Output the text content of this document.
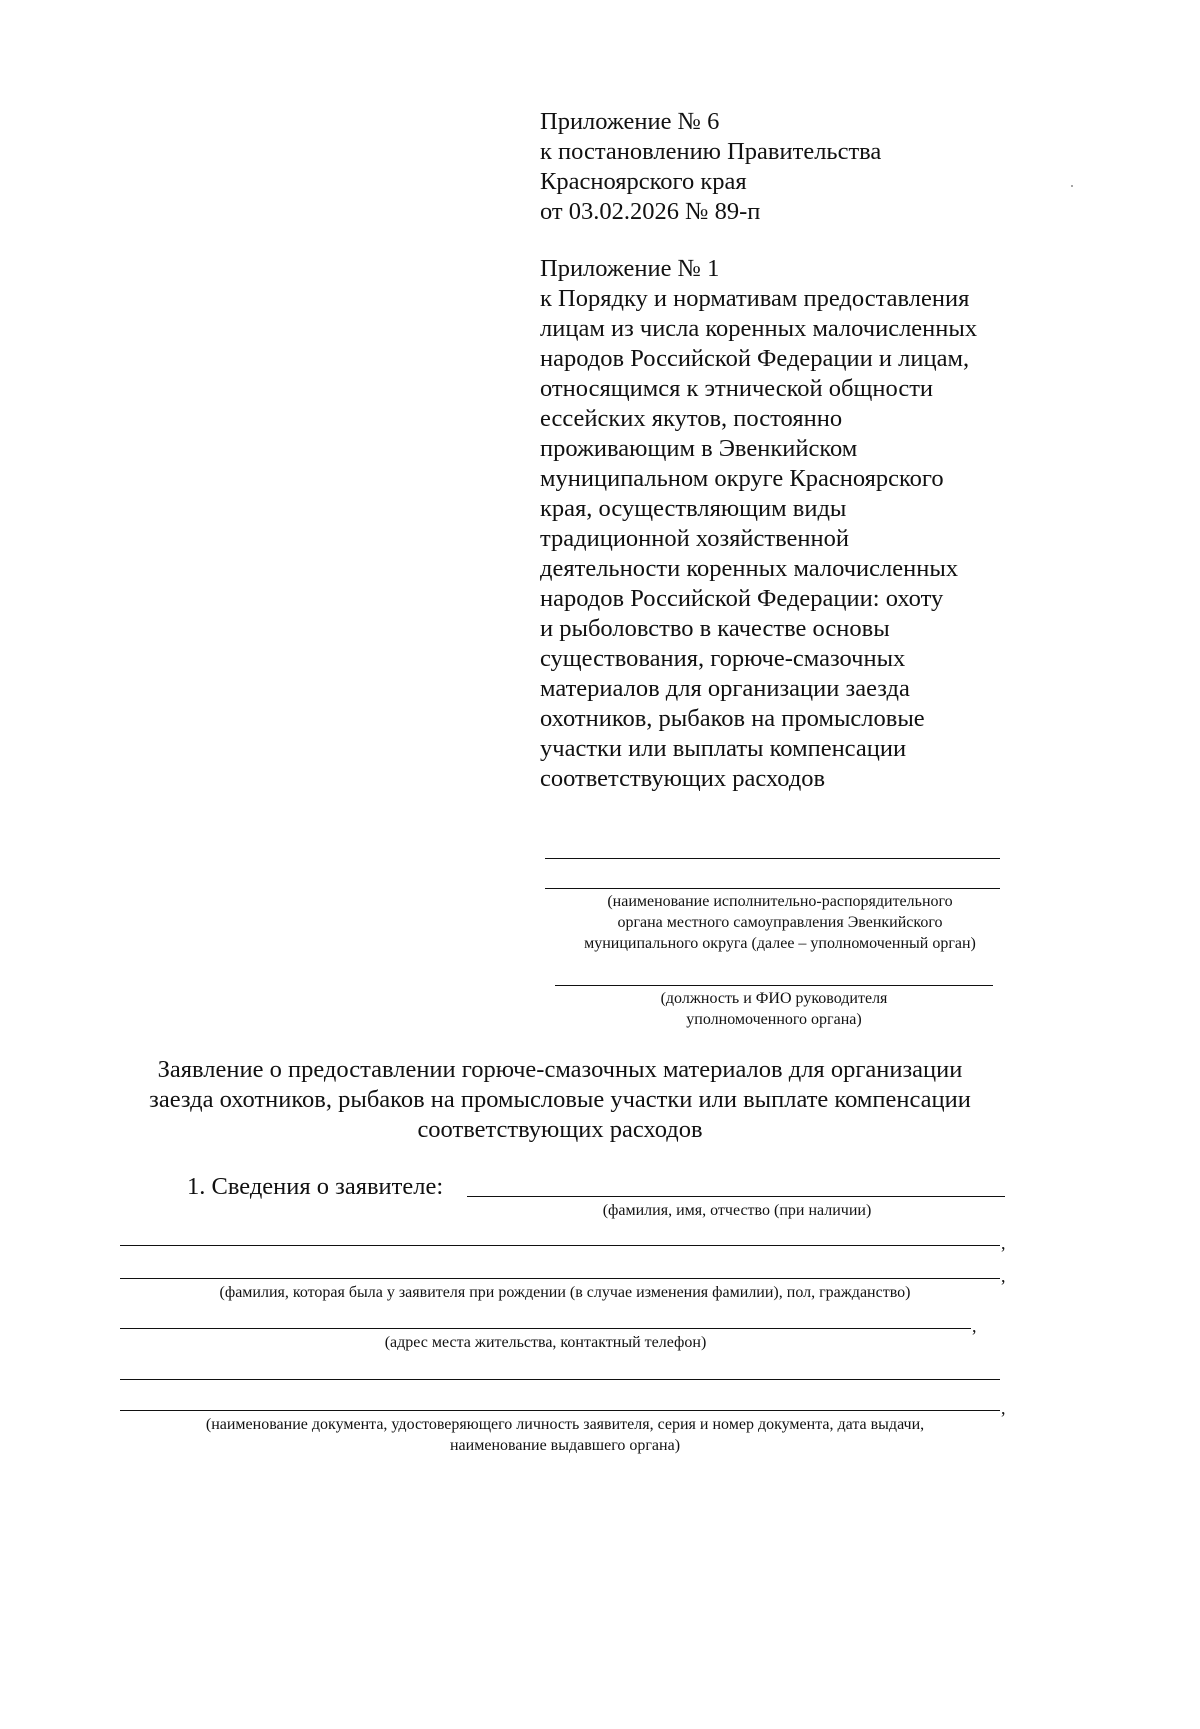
Приложение № 6
к постановлению Правительства
Красноярского края
от 03.02.2026 № 89-п
Приложение № 1
к Порядку и нормативам предоставления
лицам из числа коренных малочисленных
народов Российской Федерации и лицам,
относящимся к этнической общности
ессейских якутов, постоянно
проживающим в Эвенкийском
муниципальном округе Красноярского
края, осуществляющим виды
традиционной хозяйственной
деятельности коренных малочисленных
народов Российской Федерации: охоту
и рыболовство в качестве основы
существования, горюче-смазочных
материалов для организации заезда
охотников, рыбаков на промысловые
участки или выплаты компенсации
соответствующих расходов
(наименование исполнительно-распорядительного
органа местного самоуправления Эвенкийского
муниципального округа (далее – уполномоченный орган)
(должность и ФИО руководителя
уполномоченного органа)
Заявление о предоставлении горюче-смазочных материалов для организации
заезда охотников, рыбаков на промысловые участки или выплате компенсации
соответствующих расходов
1. Сведения о заявителе:
(фамилия, имя, отчество (при наличии)
,
,
(фамилия, которая была у заявителя при рождении (в случае изменения фамилии), пол, гражданство)
,
(адрес места жительства, контактный телефон)
,
(наименование документа, удостоверяющего личность заявителя, серия и номер документа, дата выдачи,
наименование выдавшего органа)
